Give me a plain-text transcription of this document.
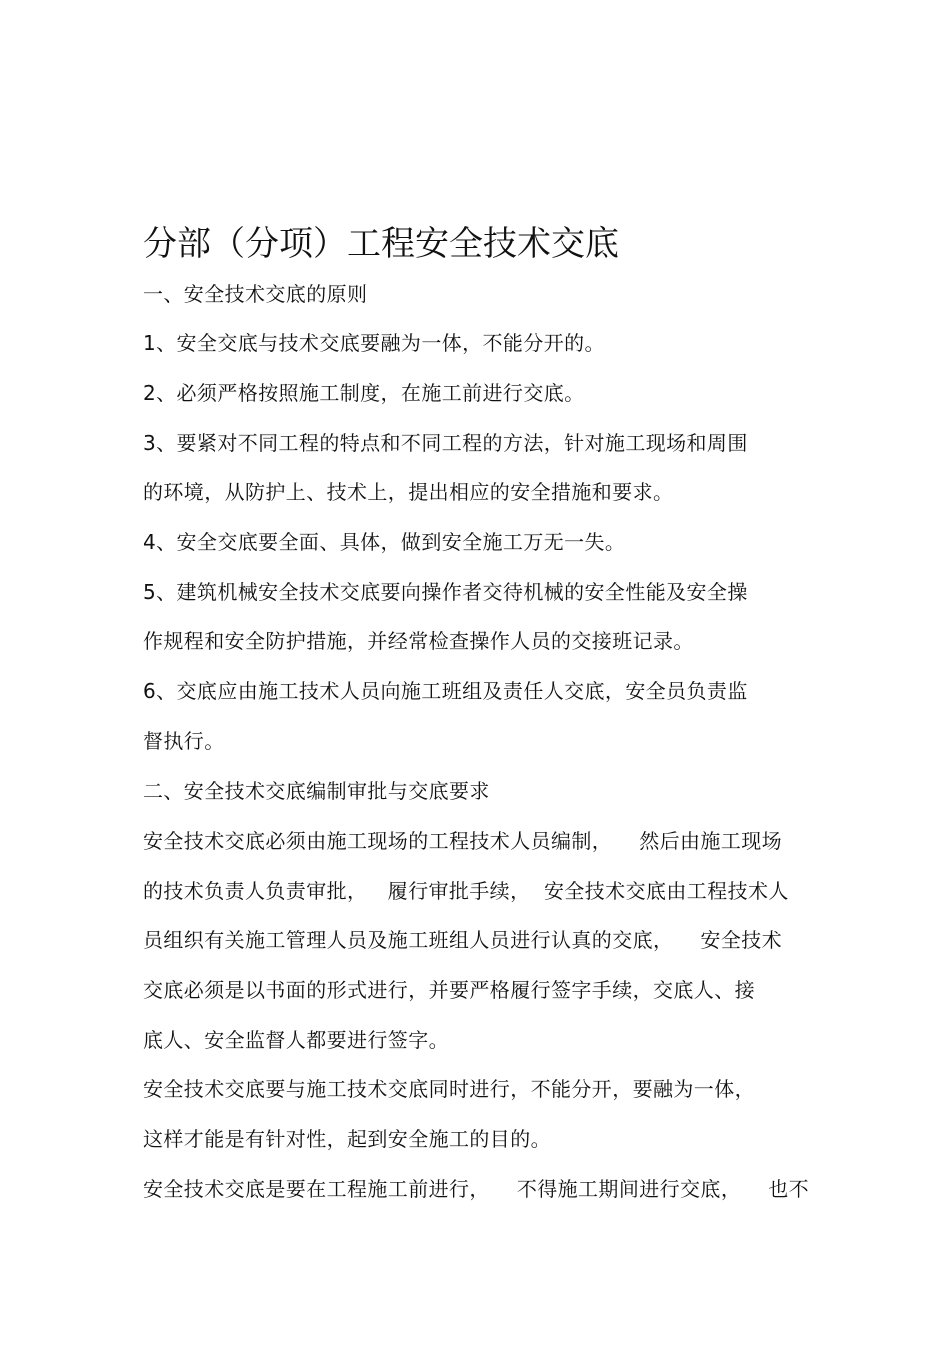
分部（分项）工程安全技术交底
一、安全技术交底的原则
1、安全交底与技术交底要融为一体，不能分开的。
2、必须严格按照施工制度，在施工前进行交底。
3、要紧对不同工程的特点和不同工程的方法，针对施工现场和周围
的环境，从防护上、技术上，提出相应的安全措施和要求。
4、安全交底要全面、具体，做到安全施工万无一失。
5、建筑机械安全技术交底要向操作者交待机械的安全性能及安全操
作规程和安全防护措施，并经常检查操作人员的交接班记录。
6、交底应由施工技术人员向施工班组及责任人交底，安全员负责监
督执行。
二、安全技术交底编制审批与交底要求
安全技术交底必须由施工现场的工程技术人员编制，    然后由施工现场
的技术负责人负责审批，   履行审批手续，  安全技术交底由工程技术人
员组织有关施工管理人员及施工班组人员进行认真的交底，    安全技术
交底必须是以书面的形式进行，并要严格履行签字手续，交底人、接
底人、安全监督人都要进行签字。
安全技术交底要与施工技术交底同时进行，不能分开，要融为一体，
这样才能是有针对性，起到安全施工的目的。
安全技术交底是要在工程施工前进行，    不得施工期间进行交底，    也不
